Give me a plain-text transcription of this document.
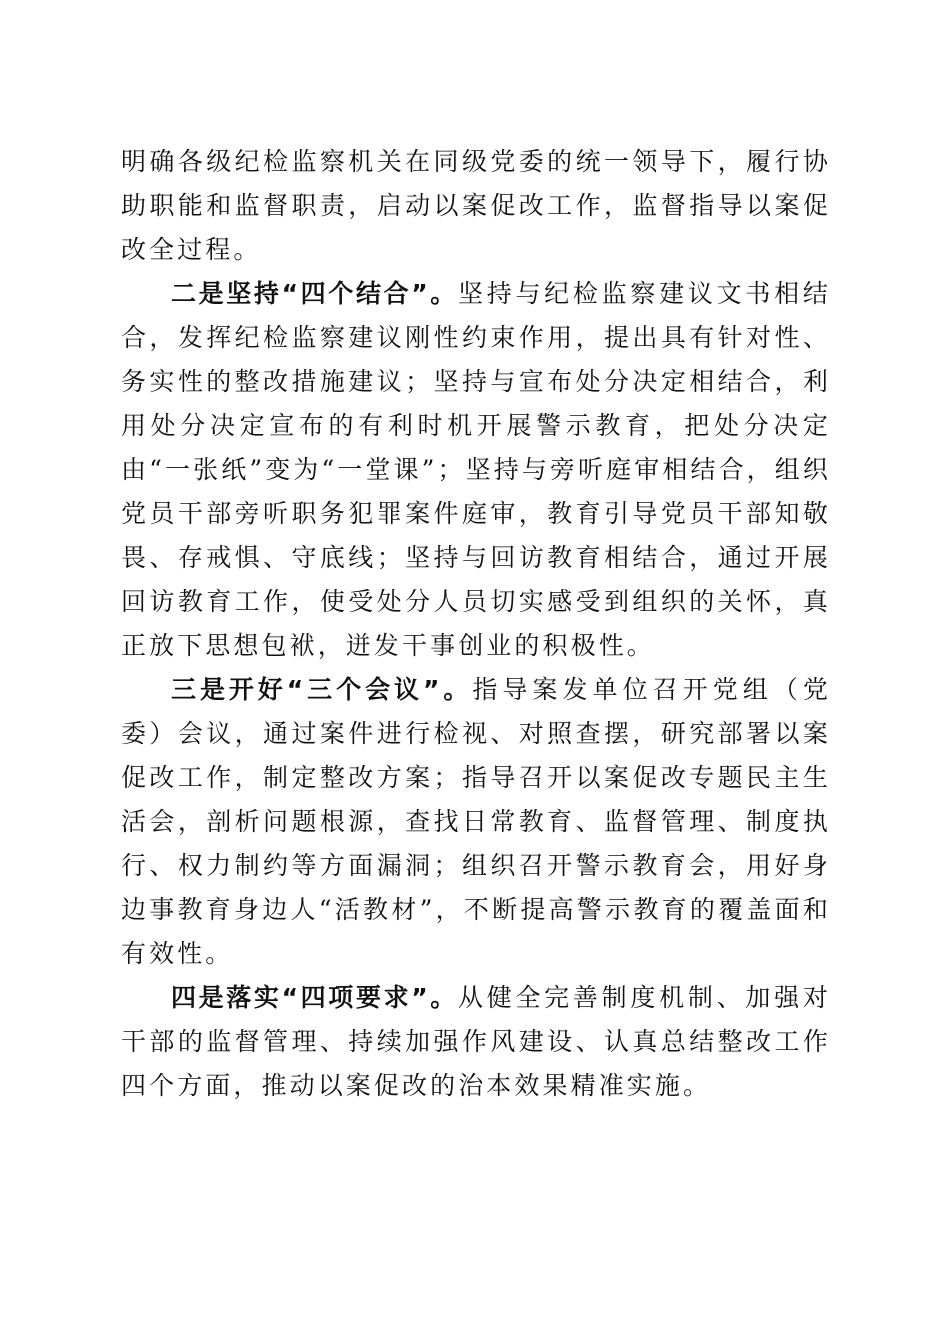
明确各级纪检监察机关在同级党委的统一领导下，履行协助职能和监督职责，启动以案促改工作，监督指导以案促改全过程。

二是坚持“四个结合”。坚持与纪检监察建议文书相结合，发挥纪检监察建议刚性约束作用，提出具有针对性、务实性的整改措施建议；坚持与宣布处分决定相结合，利用处分决定宣布的有利时机开展警示教育，把处分决定由“一张纸”变为“一堂课”；坚持与旁听庭审相结合，组织党员干部旁听职务犯罪案件庭审，教育引导党员干部知敬畏、存戒惧、守底线；坚持与回访教育相结合，通过开展回访教育工作，使受处分人员切实感受到组织的关怀，真正放下思想包袱，迸发干事创业的积极性。

三是开好“三个会议”。指导案发单位召开党组（党委）会议，通过案件进行检视、对照查摆，研究部署以案促改工作，制定整改方案；指导召开以案促改专题民主生活会，剖析问题根源，查找日常教育、监督管理、制度执行、权力制约等方面漏洞；组织召开警示教育会，用好身边事教育身边人“活教材”，不断提高警示教育的覆盖面和有效性。

四是落实“四项要求”。从健全完善制度机制、加强对干部的监督管理、持续加强作风建设、认真总结整改工作四个方面，推动以案促改的治本效果精准实施。
